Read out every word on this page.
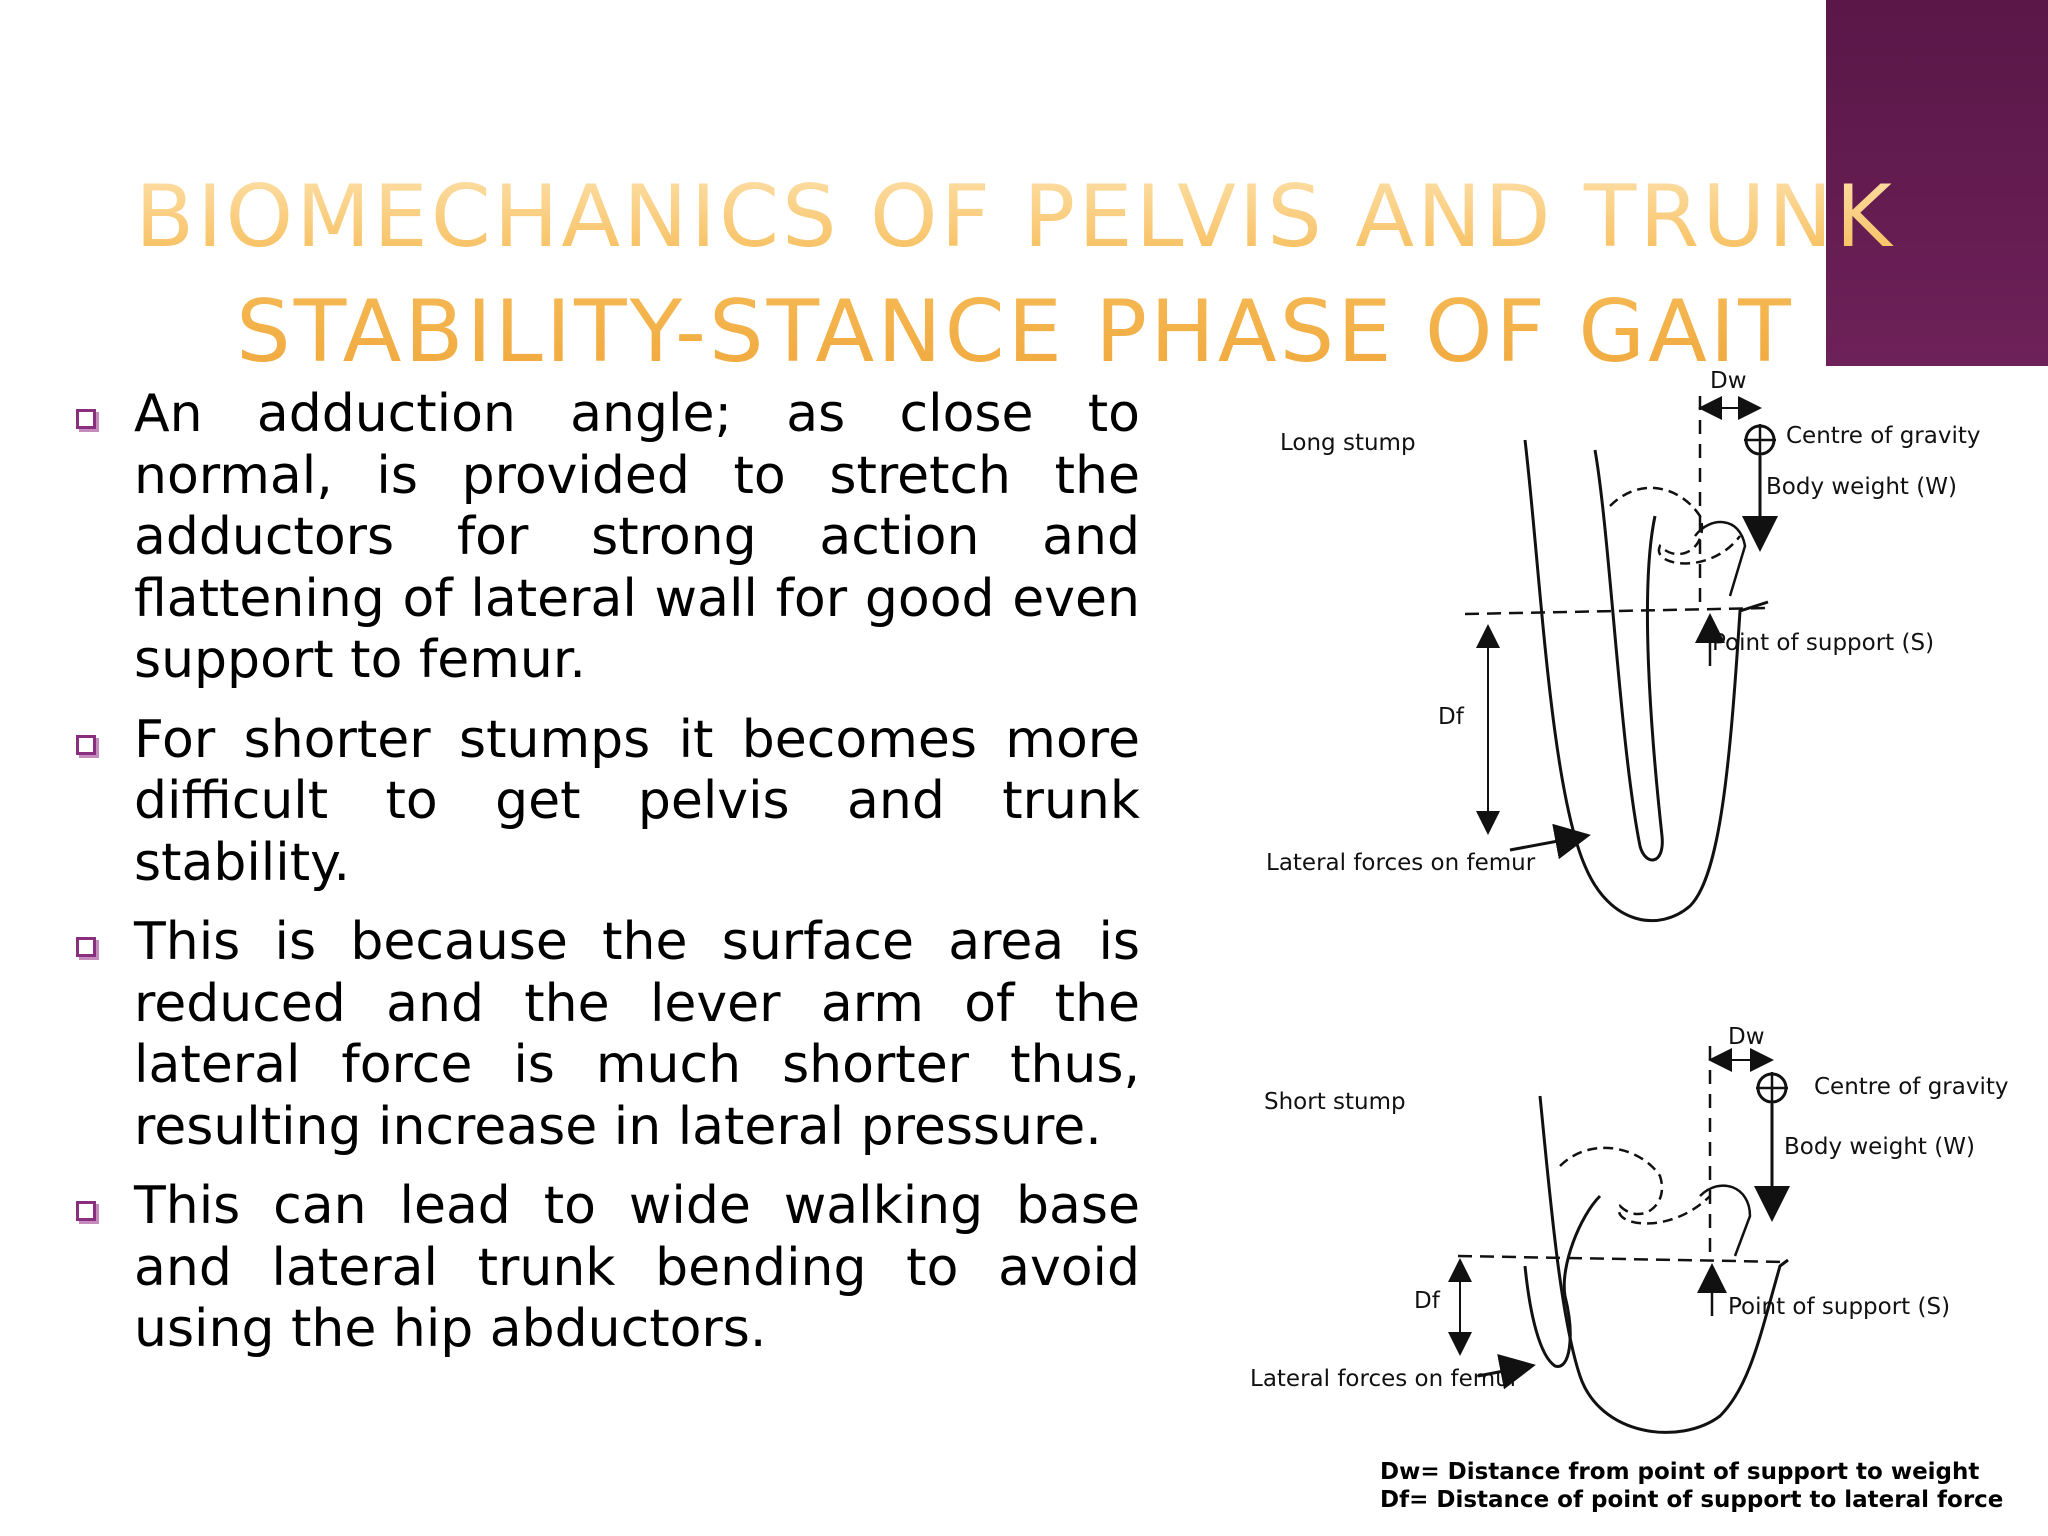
BIOMECHANICS OF PELVIS AND TRUNK
STABILITY-STANCE PHASE OF GAIT
An adduction angle; as close to normal, is provided to stretch the adductors for strong action and flattening of lateral wall for good even support to femur.
For shorter stumps it becomes more difficult to get pelvis and trunk stability.
This is because the surface area is reduced and the lever arm of the lateral force is much shorter thus, resulting increase in lateral pressure.
This can lead to wide walking base and lateral trunk bending to avoid using the hip abductors.
Long stump
Dw
Centre of gravity
Body weight (W)
Point of support (S)
Df
Lateral forces on femur
Short stump
Dw
Centre of gravity
Body weight (W)
Point of support (S)
Df
Lateral forces on femur
Dw= Distance from point of support to weight
Df= Distance of point of support to lateral force
